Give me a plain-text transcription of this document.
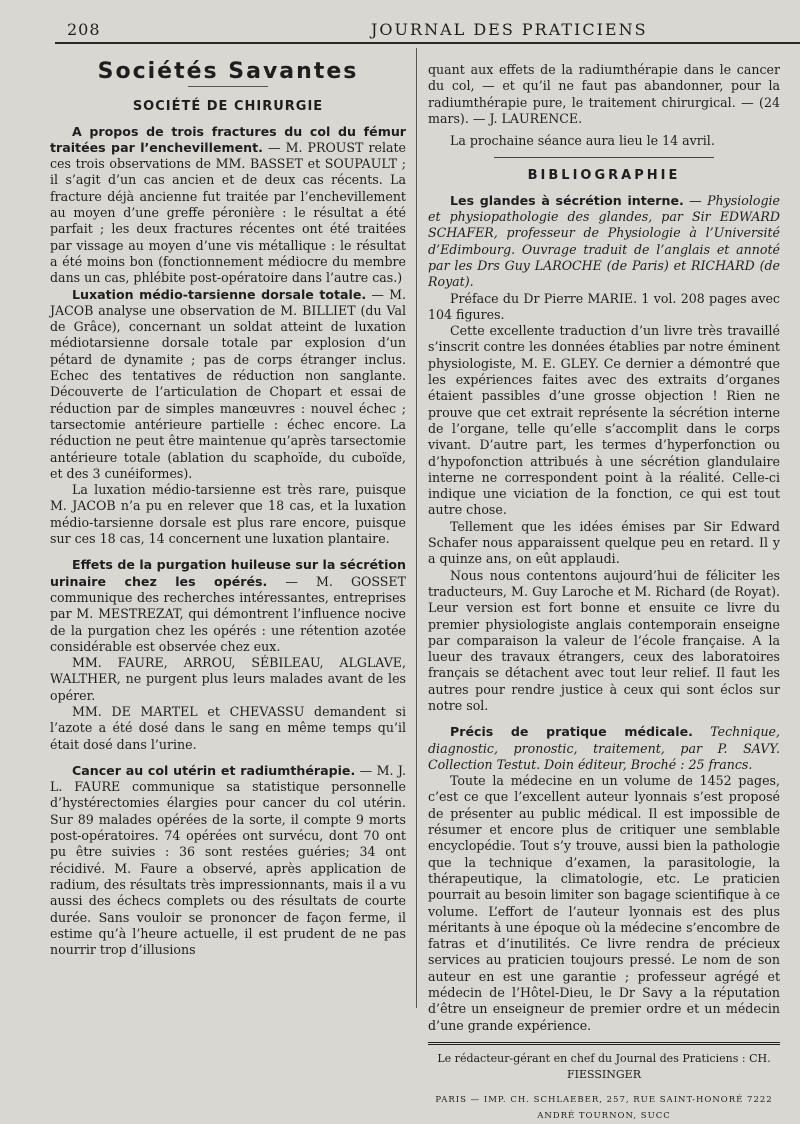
208	JOURNAL DES PRATICIENS
Sociétés Savantes
SOCIÉTÉ DE CHIRURGIE

A propos de trois fractures du col du fémur traitées par l’enchevillement. — M. PROUST relate ces trois observations de MM. BASSET et SOUPAULT ; il s’agit d’un cas ancien et de deux cas récents. La fracture déjà ancienne fut traitée par l’enchevillement au moyen d’une greffe péronière : le résultat a été parfait ; les deux fractures récentes ont été traitées par vissage au moyen d’une vis métallique : le résultat a été moins bon (fonctionnement médiocre du membre dans un cas, phlébite post-opératoire dans l’autre cas.)

Luxation médio-tarsienne dorsale totale. — M. JACOB analyse une observation de M. BILLIET (du Val de Grâce), concernant un soldat atteint de luxation médiotarsienne dorsale totale par explosion d’un pétard de dynamite ; pas de corps étranger inclus. Echec des tentatives de réduction non sanglante. Découverte de l’articulation de Chopart et essai de réduction par de simples manœuvres : nouvel échec ; tarsectomie antérieure partielle : échec encore. La réduction ne peut être maintenue qu’après tarsectomie antérieure totale (ablation du scaphoïde, du cuboïde, et des 3 cunéiformes).

La luxation médio-tarsienne est très rare, puisque M. JACOB n’a pu en relever que 18 cas, et la luxation médio-tarsienne dorsale est plus rare encore, puisque sur ces 18 cas, 14 concernent une luxation plantaire.

Effets de la purgation huileuse sur la sécrétion urinaire chez les opérés. — M. GOSSET communique des recherches intéressantes, entreprises par M. MESTREZAT, qui démontrent l’influence nocive de la purgation chez les opérés : une rétention azotée considérable est observée chez eux.

MM. FAURE, ARROU, SÉBILEAU, ALGLAVE, WALTHER, ne purgent plus leurs malades avant de les opérer.

MM. DE MARTEL et CHEVASSU demandent si l’azote a été dosé dans le sang en même temps qu’il était dosé dans l’urine.

Cancer au col utérin et radiumthérapie. — M. J. L. FAURE communique sa statistique personnelle d’hystérectomies élargies pour cancer du col utérin. Sur 89 malades opérées de la sorte, il compte 9 morts post-opératoires. 74 opérées ont survécu, dont 70 ont pu être suivies : 36 sont restées guéries; 34 ont récidivé. M. Faure a observé, après application de radium, des résultats très impressionnants, mais il a vu aussi des échecs complets ou des résultats de courte durée. Sans vouloir se prononcer de façon ferme, il estime qu’à l’heure actuelle, il est prudent de ne pas nourrir trop d’illusions

quant aux effets de la radiumthérapie dans le cancer du col, — et qu’il ne faut pas abandonner, pour la radiumthérapie pure, le traitement chirurgical. — (24 mars). — J. LAURENCE.

La prochaine séance aura lieu le 14 avril.

BIBLIOGRAPHIE

Les glandes à sécrétion interne. — Physiologie et physiopathologie des glandes, par Sir EDWARD SCHAFER, professeur de Physiologie à l’Université d’Edimbourg. Ouvrage traduit de l’anglais et annoté par les Drs Guy LAROCHE (de Paris) et RICHARD (de Royat).

Préface du Dr Pierre MARIE. 1 vol. 208 pages avec 104 figures.

Cette excellente traduction d’un livre très travaillé s’inscrit contre les données établies par notre éminent physiologiste, M. E. GLEY. Ce dernier a démontré que les expériences faites avec des extraits d’organes étaient passibles d’une grosse objection ! Rien ne prouve que cet extrait représente la sécrétion interne de l’organe, telle qu’elle s’accomplit dans le corps vivant. D’autre part, les termes d’hyperfonction ou d’hypofonction attribués à une sécrétion glandulaire interne ne correspondent point à la réalité. Celle-ci indique une viciation de la fonction, ce qui est tout autre chose.

Tellement que les idées émises par Sir Edward Schafer nous apparaissent quelque peu en retard. Il y a quinze ans, on eût applaudi.

Nous nous contentons aujourd’hui de féliciter les traducteurs, M. Guy Laroche et M. Richard (de Royat). Leur version est fort bonne et ensuite ce livre du premier physiologiste anglais contemporain enseigne par comparaison la valeur de l’école française. A la lueur des travaux étrangers, ceux des laboratoires français se détachent avec tout leur relief. Il faut les autres pour rendre justice à ceux qui sont éclos sur notre sol.

Précis de pratique médicale. Technique, diagnostic, pronostic, traitement, par P. SAVY. Collection Testut. Doin éditeur, Broché : 25 francs.

Toute la médecine en un volume de 1452 pages, c’est ce que l’excellent auteur lyonnais s’est proposé de présenter au public médical. Il est impossible de résumer et encore plus de critiquer une semblable encyclopédie. Tout s’y trouve, aussi bien la pathologie que la technique d’examen, la parasitologie, la thérapeutique, la climatologie, etc. Le praticien pourrait au besoin limiter son bagage scientifique à ce volume. L’effort de l’auteur lyonnais est des plus méritants à une époque où la médecine s’encombre de fatras et d’inutilités. Ce livre rendra de précieux services au praticien toujours pressé. Le nom de son auteur en est une garantie ; professeur agrégé et médecin de l’Hôtel-Dieu, le Dr Savy a la réputation d’être un enseigneur de premier ordre et un médecin d’une grande expérience.

Le rédacteur-gérant en chef du Journal des Praticiens : CH. FIESSINGER
PARIS — IMP. CH. SCHLAEBER, 257, RUE SAINT-HONORÉ 7222
ANDRÉ TOURNON, SUCC
